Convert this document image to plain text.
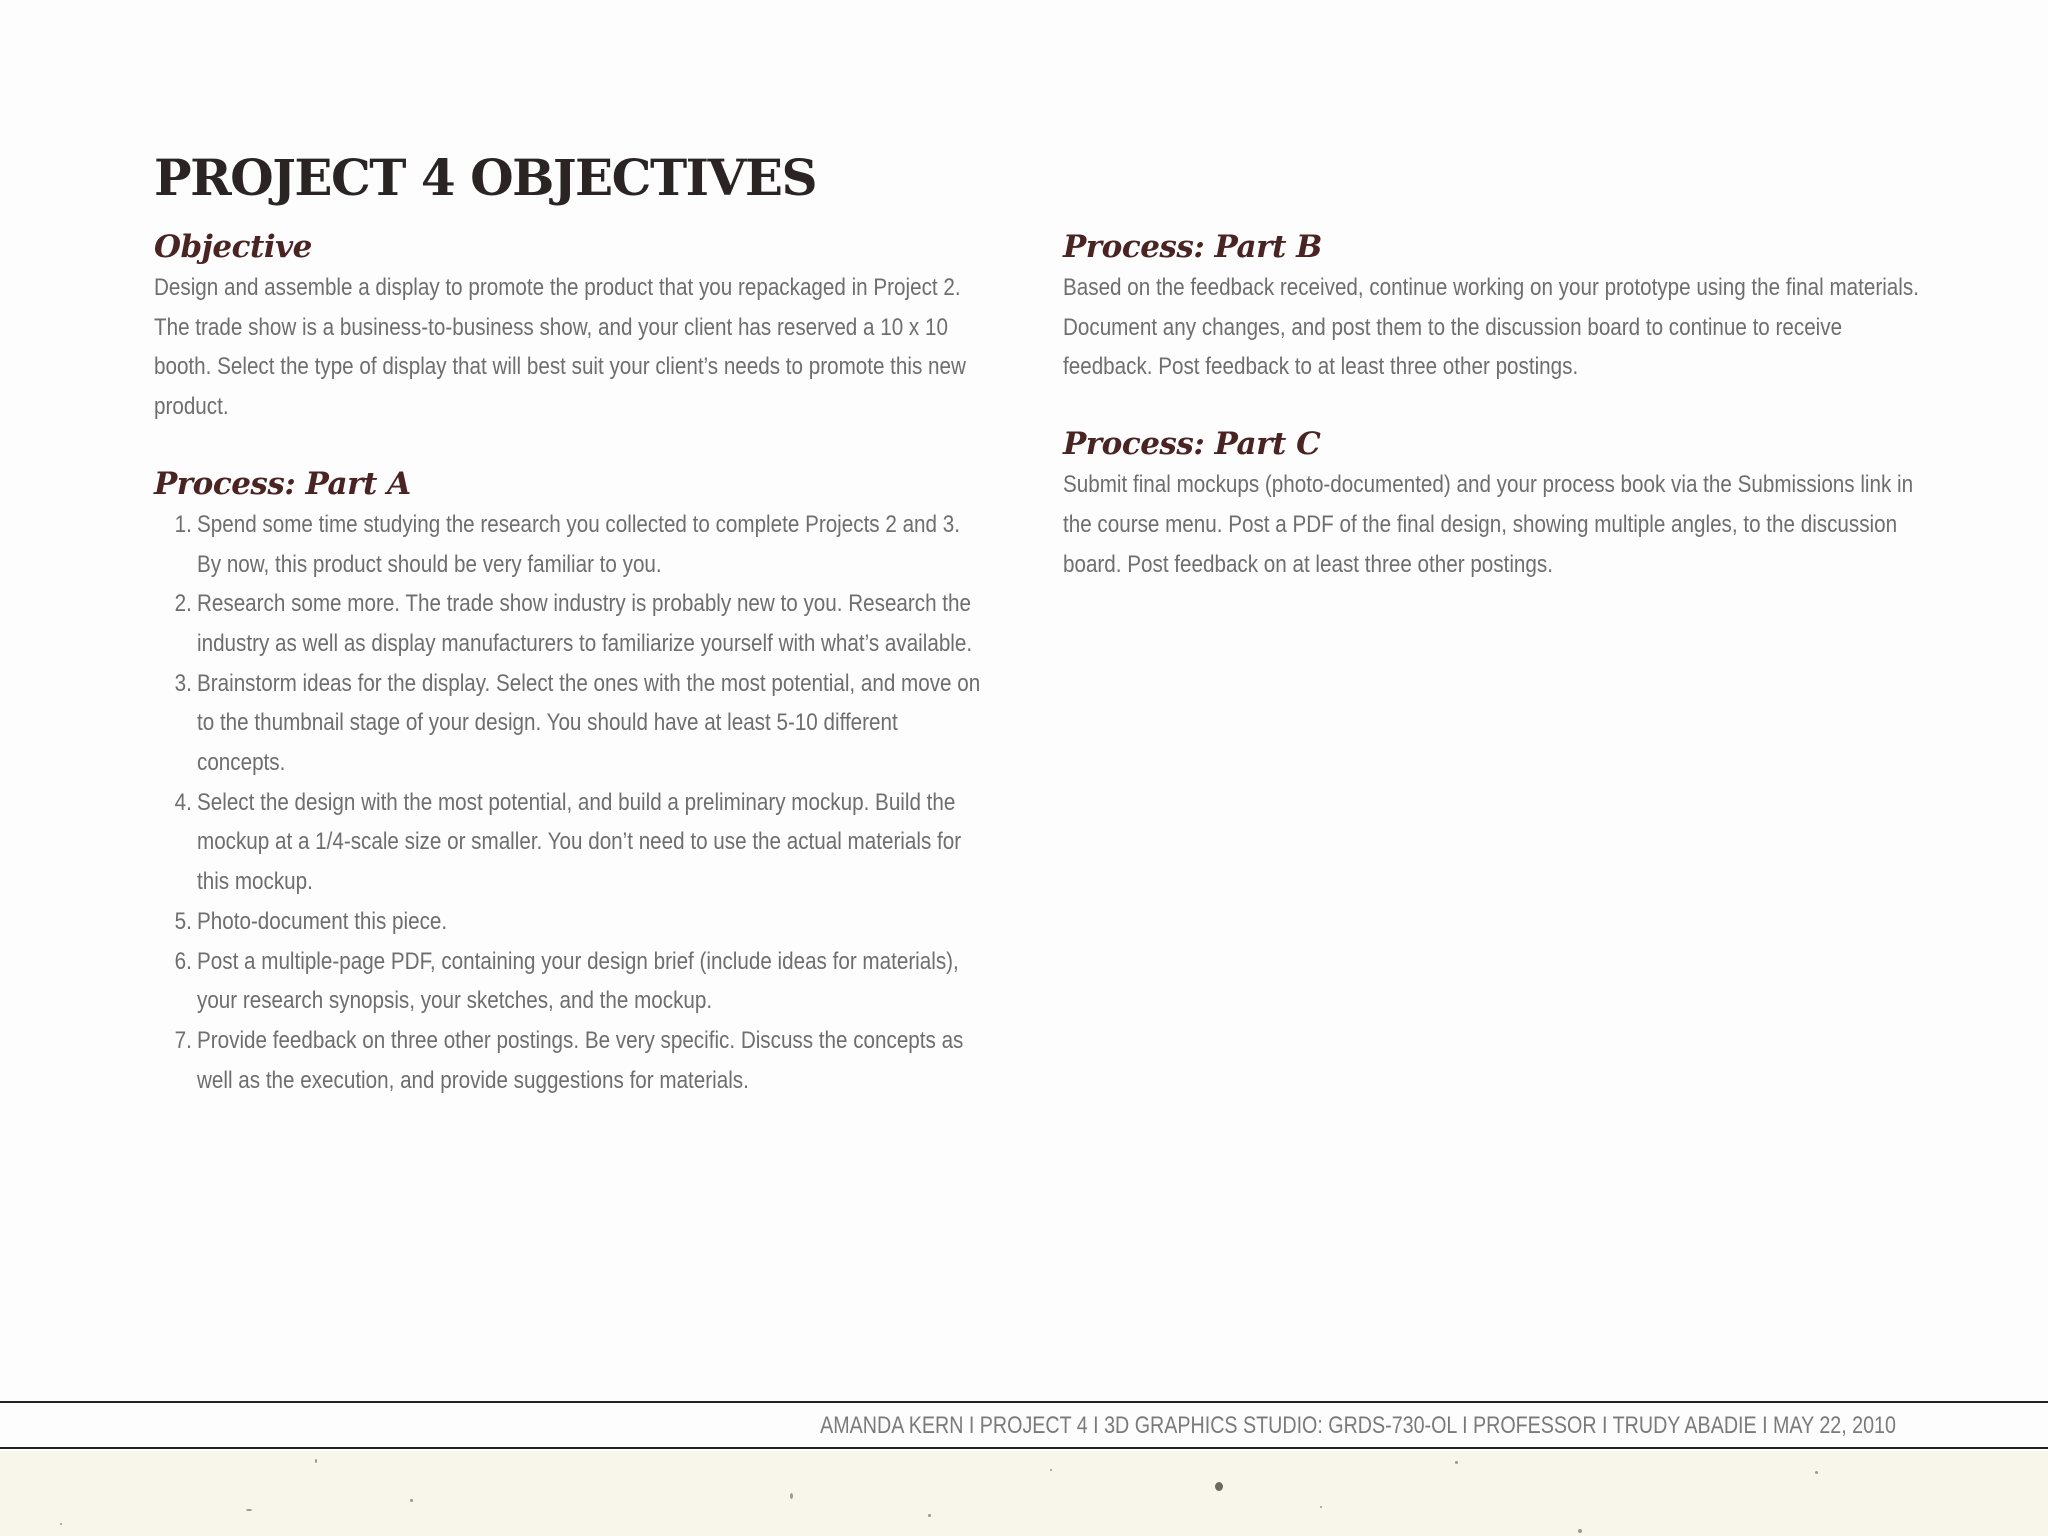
PROJECT 4 OBJECTIVES
Objective

Design and assemble a display to promote the product that you repackaged in Project 2. The trade show is a business-to-business show, and your client has reserved a 10 x 10 booth. Select the type of display that will best suit your client’s needs to promote this new product.

Process: Part A
1. Spend some time studying the research you collected to complete Projects 2 and 3. By now, this product should be very familiar to you.
2. Research some more. The trade show industry is probably new to you. Research the industry as well as display manufacturers to familiarize yourself with what’s available.
3. Brainstorm ideas for the display. Select the ones with the most potential, and move on to the thumbnail stage of your design. You should have at least 5-10 different concepts.
4. Select the design with the most potential, and build a preliminary mockup. Build the mockup at a 1/4-scale size or smaller. You don’t need to use the actual materials for this mockup.
5. Photo-document this piece.
6. Post a multiple-page PDF, containing your design brief (include ideas for materials), your research synopsis, your sketches, and the mockup.
7. Provide feedback on three other postings. Be very specific. Discuss the concepts as well as the execution, and provide suggestions for materials.
Process: Part B

Based on the feedback received, continue working on your prototype using the final materials. Document any changes, and post them to the discussion board to continue to receive feedback. Post feedback to at least three other postings.

Process: Part C

Submit final mockups (photo-documented) and your process book via the Submissions link in the course menu. Post a PDF of the final design, showing multiple angles, to the discussion board. Post feedback on at least three other postings.

AMANDA KERN I PROJECT 4 I 3D GRAPHICS STUDIO: GRDS-730-OL I PROFESSOR I TRUDY ABADIE I MAY 22, 2010
